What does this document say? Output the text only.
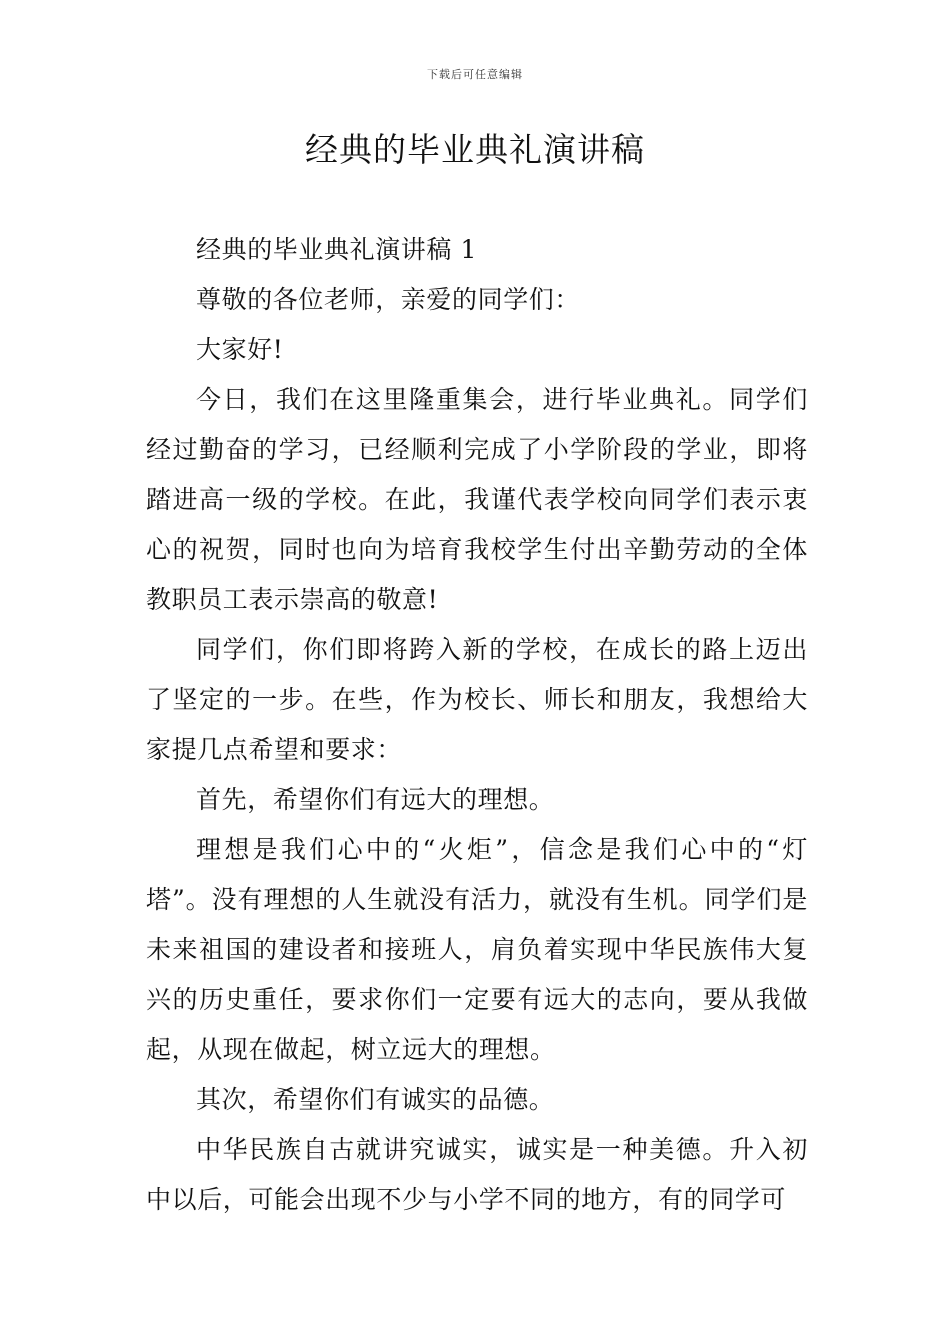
下载后可任意编辑
经典的毕业典礼演讲稿

经典的毕业典礼演讲稿 1

尊敬的各位老师，亲爱的同学们：

大家好!

今日，我们在这里隆重集会，进行毕业典礼。同学们经过勤奋的学习，已经顺利完成了小学阶段的学业，即将踏进高一级的学校。在此，我谨代表学校向同学们表示衷心的祝贺，同时也向为培育我校学生付出辛勤劳动的全体教职员工表示崇高的敬意!

同学们，你们即将跨入新的学校，在成长的路上迈出了坚定的一步。在些，作为校长、师长和朋友，我想给大家提几点希望和要求：

首先，希望你们有远大的理想。

理想是我们心中的“火炬”，信念是我们心中的“灯塔”。没有理想的人生就没有活力，就没有生机。同学们是未来祖国的建设者和接班人，肩负着实现中华民族伟大复兴的历史重任，要求你们一定要有远大的志向，要从我做起，从现在做起，树立远大的理想。

其次，希望你们有诚实的品德。

中华民族自古就讲究诚实，诚实是一种美德。升入初中以后，可能会出现不少与小学不同的地方，有的同学可
